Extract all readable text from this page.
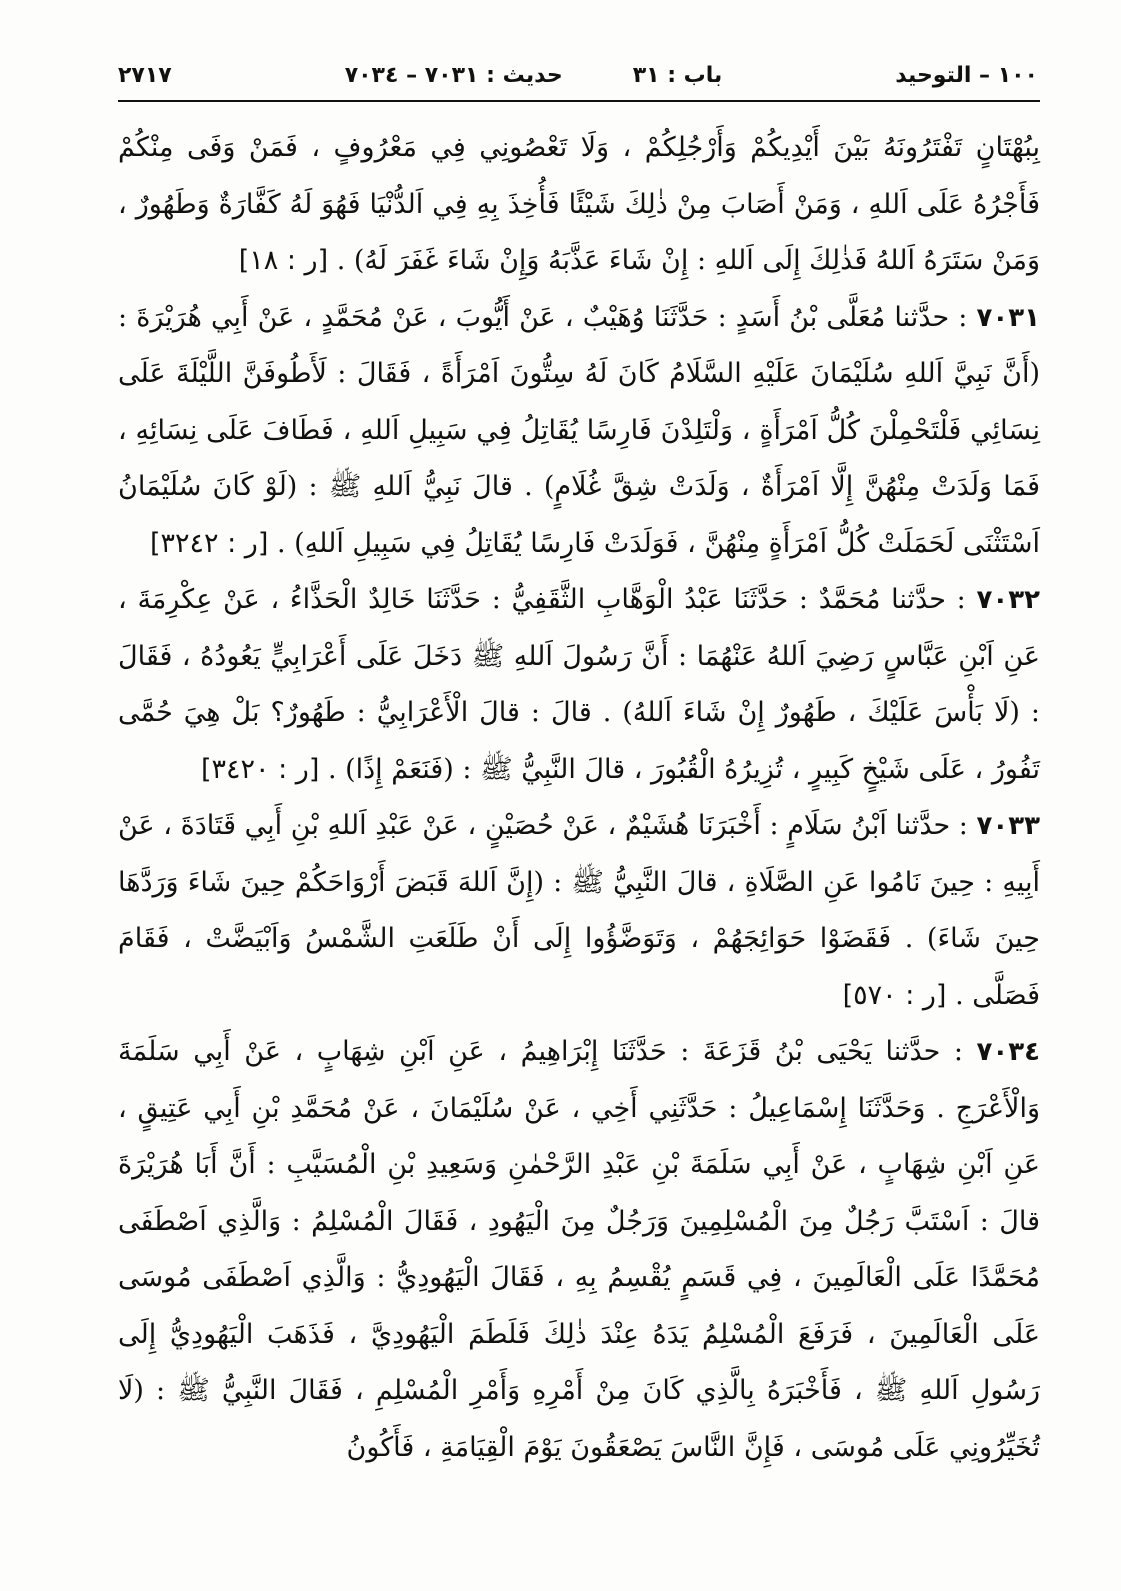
١٠٠ – التوحيد
باب : ٣١
حديث : ٧٠٣١ – ٧٠٣٤
٢٧١٧

بِبُهْتَانٍ تَفْتَرُونَهُ بَيْنَ أَيْدِيكُمْ وَأَرْجُلِكُمْ ، وَلَا تَعْصُونِي فِي مَعْرُوفٍ ، فَمَنْ وَفَى مِنْكُمْ فَأَجْرُهُ عَلَى اَللهِ ، وَمَنْ أَصَابَ مِنْ ذٰلِكَ شَيْئًا فَأُخِذَ بِهِ فِي اَلدُّنْيَا فَهُوَ لَهُ كَفَّارَةٌ وَطَهُورٌ ، وَمَنْ سَتَرَهُ اَللهُ فَذٰلِكَ إِلَى اَللهِ : إِنْ شَاءَ عَذَّبَهُ وَإِنْ شَاءَ غَفَرَ لَهُ) . [ر : ١٨]

٧٠٣١ : حدَّثنا مُعَلَّى بْنُ أَسَدٍ : حَدَّثَنَا وُهَيْبٌ ، عَنْ أَيُّوبَ ، عَنْ مُحَمَّدٍ ، عَنْ أَبِي هُرَيْرَةَ : (أَنَّ نَبِيَّ اَللهِ سُلَيْمَانَ عَلَيْهِ السَّلَامُ كَانَ لَهُ سِتُّونَ اَمْرَأَةً ، فَقَالَ : لَأَطُوفَنَّ اللَّيْلَةَ عَلَى نِسَائِي فَلْتَحْمِلْنَ كُلُّ اَمْرَأَةٍ ، وَلْتَلِدْنَ فَارِسًا يُقَاتِلُ فِي سَبِيلِ اَللهِ ، فَطَافَ عَلَى نِسَائِهِ ، فَمَا وَلَدَتْ مِنْهُنَّ إِلَّا اَمْرَأَةٌ ، وَلَدَتْ شِقَّ غُلَامٍ) . قالَ نَبِيُّ اَللهِ ﷺ : (لَوْ كَانَ سُلَيْمَانُ اَسْتَثْنَى لَحَمَلَتْ كُلُّ اَمْرَأَةٍ مِنْهُنَّ ، فَوَلَدَتْ فَارِسًا يُقَاتِلُ فِي سَبِيلِ اَللهِ) . [ر : ٣٢٤٢]

٧٠٣٢ : حدَّثنا مُحَمَّدٌ : حَدَّثَنَا عَبْدُ الْوَهَّابِ الثَّقَفِيُّ : حَدَّثَنَا خَالِدٌ الْحَذَّاءُ ، عَنْ عِكْرِمَةَ ، عَنِ اَبْنِ عَبَّاسٍ رَضِيَ اَللهُ عَنْهُمَا : أَنَّ رَسُولَ اَللهِ ﷺ دَخَلَ عَلَى أَعْرَابِيٍّ يَعُودُهُ ، فَقَالَ : (لَا بَأْسَ عَلَيْكَ ، طَهُورٌ إِنْ شَاءَ اَللهُ) . قالَ : قالَ الْأَعْرَابِيُّ : طَهُورٌ؟ بَلْ هِيَ حُمَّى تَفُورُ ، عَلَى شَيْخٍ كَبِيرٍ ، تُزِيرُهُ الْقُبُورَ ، قالَ النَّبِيُّ ﷺ : (فَنَعَمْ إِذًا) . [ر : ٣٤٢٠]

٧٠٣٣ : حدَّثنا اَبْنُ سَلَامٍ : أَخْبَرَنَا هُشَيْمٌ ، عَنْ حُصَيْنٍ ، عَنْ عَبْدِ اَللهِ بْنِ أَبِي قَتَادَةَ ، عَنْ أَبِيهِ : حِينَ نَامُوا عَنِ الصَّلَاةِ ، قالَ النَّبِيُّ ﷺ : (إِنَّ اَللهَ قَبَضَ أَرْوَاحَكُمْ حِينَ شَاءَ وَرَدَّهَا حِينَ شَاءَ) . فَقَضَوْا حَوَائِجَهُمْ ، وَتَوَضَّؤُوا إِلَى أَنْ طَلَعَتِ الشَّمْسُ وَاَبْيَضَّتْ ، فَقَامَ فَصَلَّى . [ر : ٥٧٠]

٧٠٣٤ : حدَّثنا يَحْيَى بْنُ قَزَعَةَ : حَدَّثَنَا إِبْرَاهِيمُ ، عَنِ اَبْنِ شِهَابٍ ، عَنْ أَبِي سَلَمَةَ وَالْأَعْرَجِ . وَحَدَّثَنَا إِسْمَاعِيلُ : حَدَّثَنِي أَخِي ، عَنْ سُلَيْمَانَ ، عَنْ مُحَمَّدِ بْنِ أَبِي عَتِيقٍ ، عَنِ اَبْنِ شِهَابٍ ، عَنْ أَبِي سَلَمَةَ بْنِ عَبْدِ الرَّحْمٰنِ وَسَعِيدِ بْنِ الْمُسَيَّبِ : أَنَّ أَبَا هُرَيْرَةَ قالَ : اَسْتَبَّ رَجُلٌ مِنَ الْمُسْلِمِينَ وَرَجُلٌ مِنَ الْيَهُودِ ، فَقَالَ الْمُسْلِمُ : وَالَّذِي اَصْطَفَى مُحَمَّدًا عَلَى الْعَالَمِينَ ، فِي قَسَمٍ يُقْسِمُ بِهِ ، فَقَالَ الْيَهُودِيُّ : وَالَّذِي اَصْطَفَى مُوسَى عَلَى الْعَالَمِينَ ، فَرَفَعَ الْمُسْلِمُ يَدَهُ عِنْدَ ذٰلِكَ فَلَطَمَ الْيَهُودِيَّ ، فَذَهَبَ الْيَهُودِيُّ إِلَى رَسُولِ اَللهِ ﷺ ، فَأَخْبَرَهُ بِالَّذِي كَانَ مِنْ أَمْرِهِ وَأَمْرِ الْمُسْلِمِ ، فَقَالَ النَّبِيُّ ﷺ : (لَا تُخَيِّرُونِي عَلَى مُوسَى ، فَإِنَّ النَّاسَ يَصْعَقُونَ يَوْمَ الْقِيَامَةِ ، فَأَكُونُ
